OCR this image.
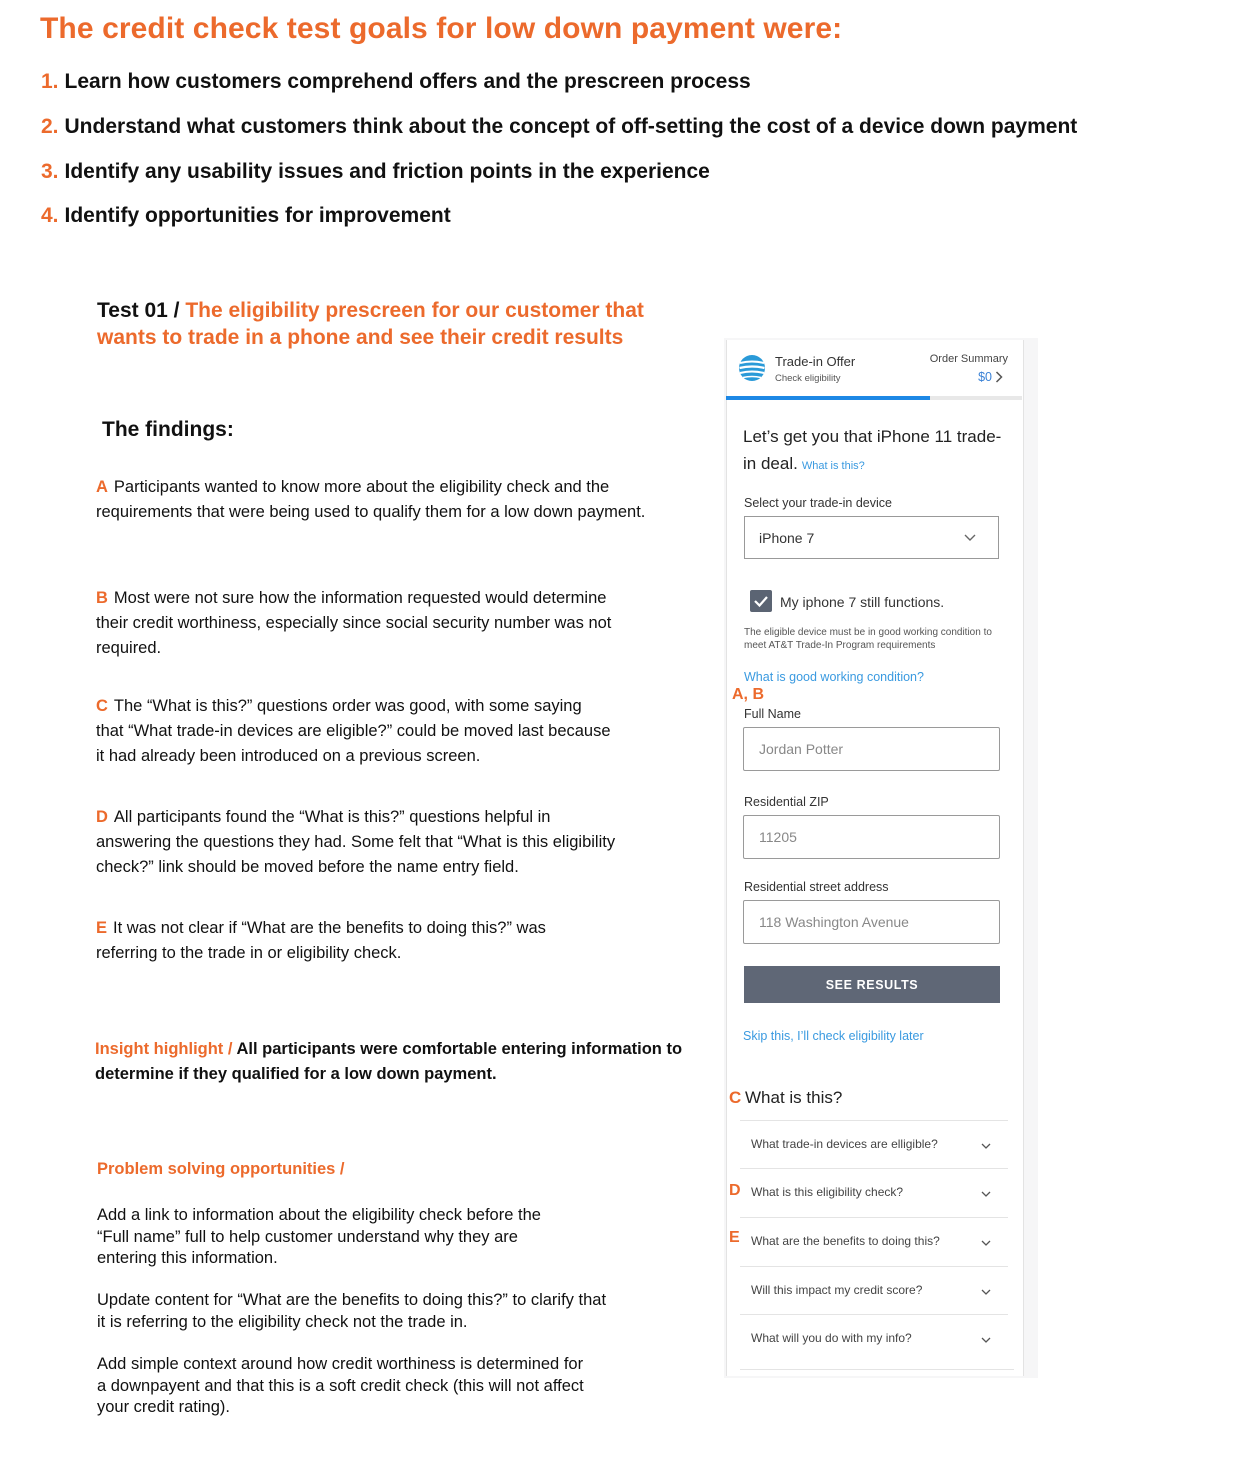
The credit check test goals for low down payment were:
1. Learn how customers comprehend offers and the prescreen process
2. Understand what customers think about the concept of off-setting the cost of a device down payment
3. Identify any usability issues and friction points in the experience
4. Identify opportunities for improvement
Test 01 / The eligibility prescreen for our customer that wants to trade in a phone and see their credit results
The findings:
A Participants wanted to know more about the eligibility check and the requirements that were being used to qualify them for a low down payment.
B Most were not sure how the information requested would determine their credit worthiness, especially since social security number was not required.
C The “What is this?” questions order was good, with some saying that “What trade-in devices are eligible?” could be moved last because it had already been introduced on a previous screen.
D All participants found the “What is this?” questions helpful in answering the questions they had. Some felt that “What is this eligibility check?” link should be moved before the name entry field.
E It was not clear if “What are the benefits to doing this?” was referring to the trade in or eligibility check.
Insight highlight / All participants were comfortable entering information to determine if they qualified for a low down payment.
Problem solving opportunities /
Add a link to information about the eligibility check before the “Full name” full to help customer understand why they are entering this information.
Update content for “What are the benefits to doing this?” to clarify that it is referring to the eligibility check not the trade in.
Add simple context around how credit worthiness is determined for a downpayent and that this is a soft credit check (this will not affect your credit rating).
Trade-in Offer
Check eligibility
Order Summary
$0
Let’s get you that iPhone 11 trade-in deal. What is this?
Select your trade-in device
iPhone 7
My iphone 7 still functions.
The eligible device must be in good working condition to meet AT&T Trade-In Program requirements
What is good working condition?
A, B
Full Name
Jordan Potter
Residential ZIP
11205
Residential street address
118 Washington Avenue
SEE RESULTS
Skip this, I’ll check eligibility later
C What is this?
What trade-in devices are elligible?
What is this eligibility check?
What are the benefits to doing this?
Will this impact my credit score?
What will you do with my info?
D
E
